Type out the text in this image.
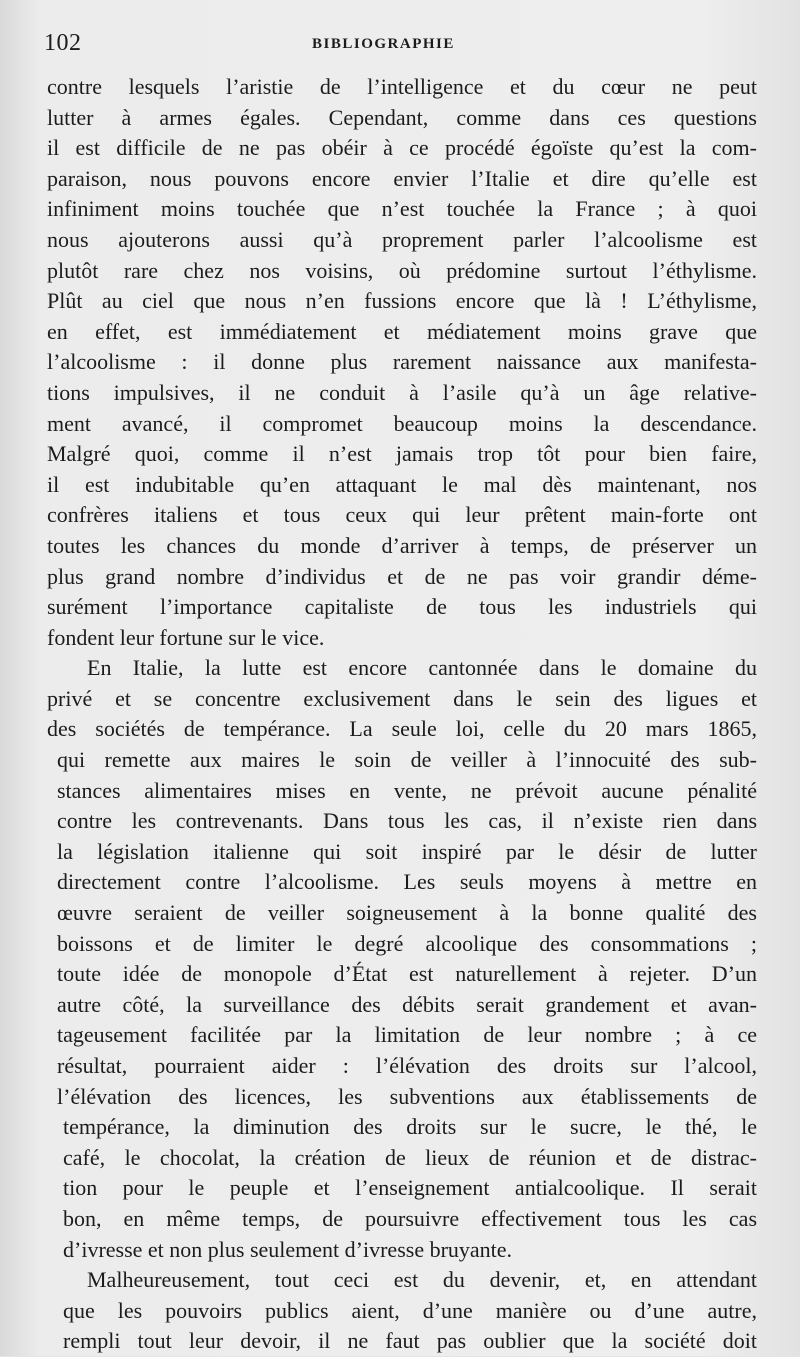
102	BIBLIOGRAPHIE
contre lesquels l’aristie de l’intelligence et du cœur ne peut
lutter à armes égales. Cependant, comme dans ces questions
il est difficile de ne pas obéir à ce procédé égoïste qu’est la com-
paraison, nous pouvons encore envier l’Italie et dire qu’elle est
infiniment moins touchée que n’est touchée la France ; à quoi
nous ajouterons aussi qu’à proprement parler l’alcoolisme est
plutôt rare chez nos voisins, où prédomine surtout l’éthylisme.
Plût au ciel que nous n’en fussions encore que là ! L’éthylisme,
en effet, est immédiatement et médiatement moins grave que
l’alcoolisme : il donne plus rarement naissance aux manifesta-
tions impulsives, il ne conduit à l’asile qu’à un âge relative-
ment avancé, il compromet beaucoup moins la descendance.
Malgré quoi, comme il n’est jamais trop tôt pour bien faire,
il est indubitable qu’en attaquant le mal dès maintenant, nos
confrères italiens et tous ceux qui leur prêtent main-forte ont
toutes les chances du monde d’arriver à temps, de préserver un
plus grand nombre d’individus et de ne pas voir grandir déme-
surément l’importance capitaliste de tous les industriels qui
fondent leur fortune sur le vice.
En Italie, la lutte est encore cantonnée dans le domaine du
privé et se concentre exclusivement dans le sein des ligues et
des sociétés de tempérance. La seule loi, celle du 20 mars 1865,
qui remette aux maires le soin de veiller à l’innocuité des sub-
stances alimentaires mises en vente, ne prévoit aucune pénalité
contre les contrevenants. Dans tous les cas, il n’existe rien dans
la législation italienne qui soit inspiré par le désir de lutter
directement contre l’alcoolisme. Les seuls moyens à mettre en
œuvre seraient de veiller soigneusement à la bonne qualité des
boissons et de limiter le degré alcoolique des consommations ;
toute idée de monopole d’État est naturellement à rejeter. D’un
autre côté, la surveillance des débits serait grandement et avan-
tageusement facilitée par la limitation de leur nombre ; à ce
résultat, pourraient aider : l’élévation des droits sur l’alcool,
l’élévation des licences, les subventions aux établissements de
tempérance, la diminution des droits sur le sucre, le thé, le
café, le chocolat, la création de lieux de réunion et de distrac-
tion pour le peuple et l’enseignement antialcoolique. Il serait
bon, en même temps, de poursuivre effectivement tous les cas
d’ivresse et non plus seulement d’ivresse bruyante.
Malheureusement, tout ceci est du devenir, et, en attendant
que les pouvoirs publics aient, d’une manière ou d’une autre,
rempli tout leur devoir, il ne faut pas oublier que la société doit
